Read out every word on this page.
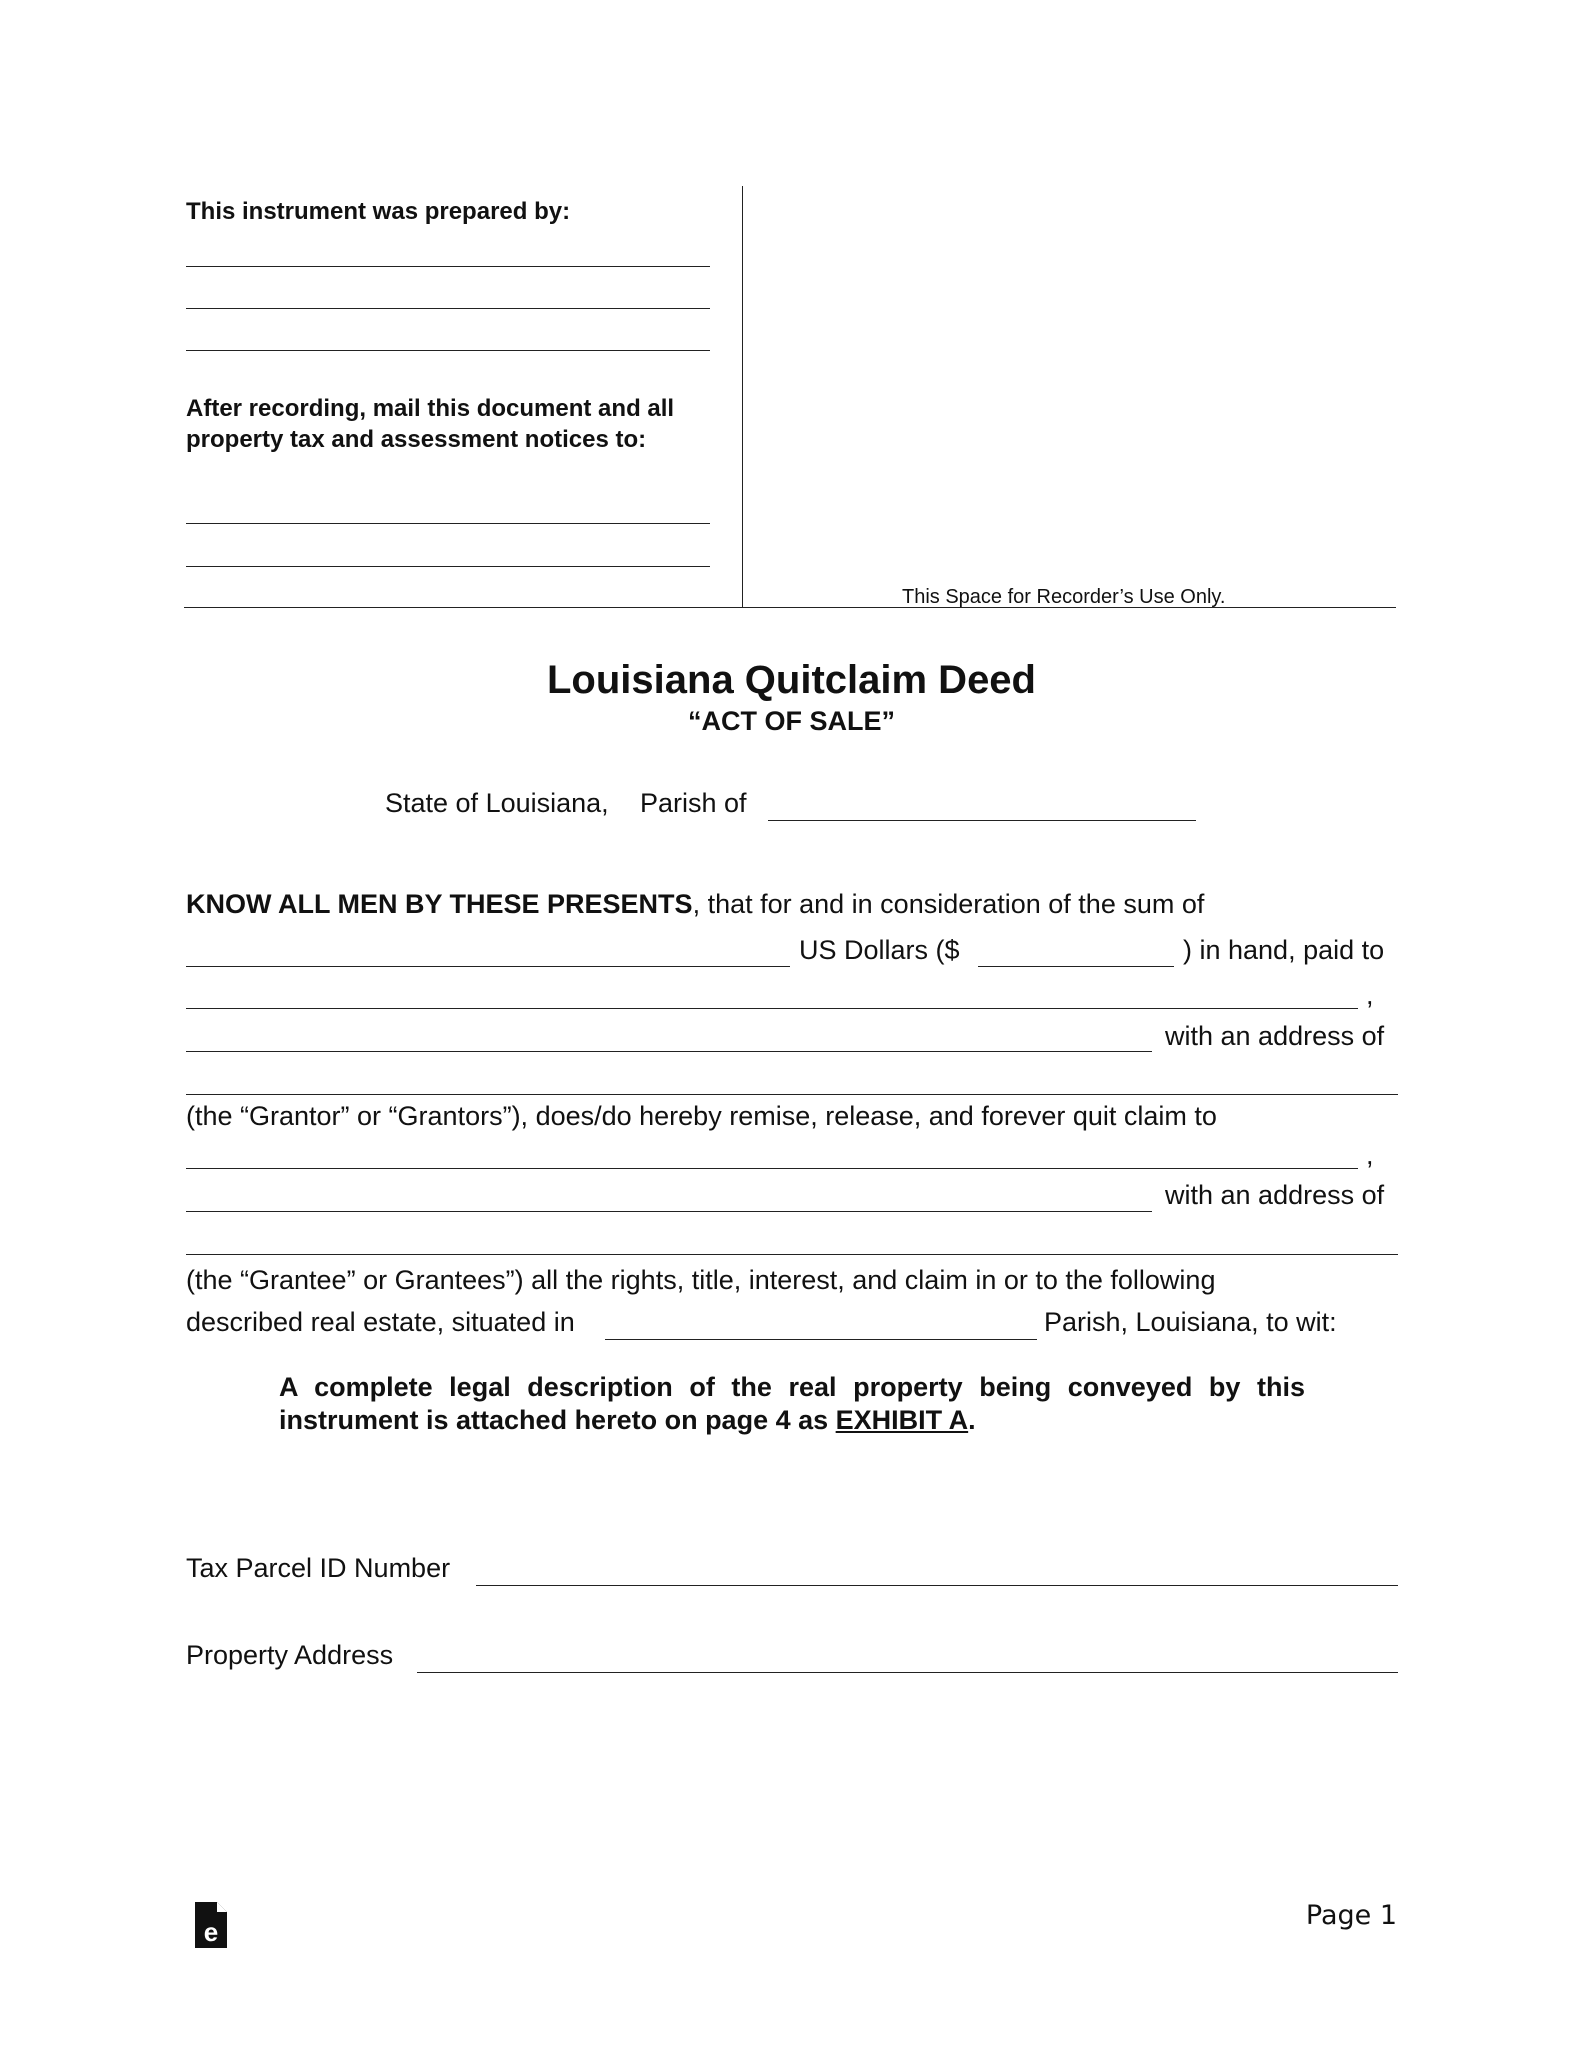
This instrument was prepared by:
After recording, mail this document and all property tax and assessment notices to:
This Space for Recorder’s Use Only.
Louisiana Quitclaim Deed
“ACT OF SALE”
State of Louisiana, Parish of
KNOW ALL MEN BY THESE PRESENTS, that for and in consideration of the sum of
US Dollars ($	) in hand, paid to
,
with an address of
(the “Grantor” or “Grantors”), does/do hereby remise, release, and forever quit claim to
,
with an address of
(the “Grantee” or Grantees”) all the rights, title, interest, and claim in or to the following
described real estate, situated in	Parish, Louisiana, to wit:
A complete legal description of the real property being conveyed by this instrument is attached hereto on page 4 as EXHIBIT A.
Tax Parcel ID Number
Property Address
e
Page 1
